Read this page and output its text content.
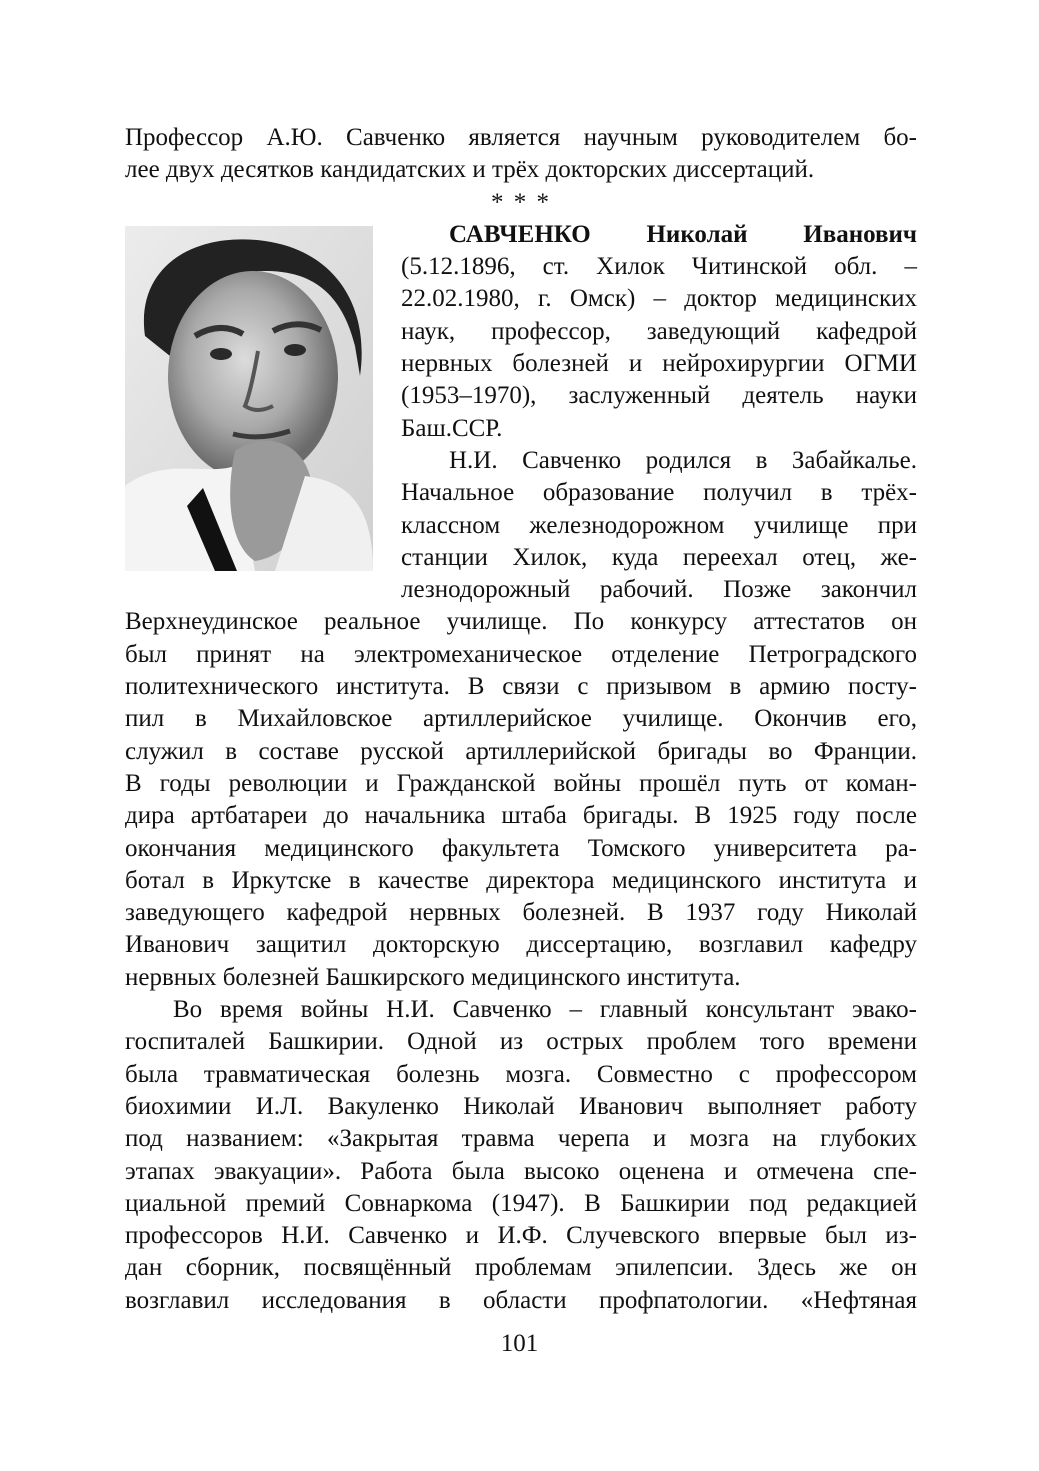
Профессор А.Ю. Савченко является научным руководителем бо-
лее двух десятков кандидатских и трёх докторских диссертаций.
* * *
САВЧЕНКО Николай Иванович
(5.12.1896, ст. Хилок Читинской обл. –
22.02.1980, г. Омск) – доктор медицинских
наук, профессор, заведующий кафедрой
нервных болезней и нейрохирургии ОГМИ
(1953–1970), заслуженный деятель науки
Баш.ССР.
Н.И. Савченко родился в Забайкалье.
Начальное образование получил в трёх-
классном железнодорожном училище при
станции Хилок, куда переехал отец, же-
лезнодорожный рабочий. Позже закончил
Верхнеудинское реальное училище. По конкурсу аттестатов он
был принят на электромеханическое отделение Петроградского
политехнического института. В связи с призывом в армию посту-
пил в Михайловское артиллерийское училище. Окончив его,
служил в составе русской артиллерийской бригады во Франции.
В годы революции и Гражданской войны прошёл путь от коман-
дира артбатареи до начальника штаба бригады. В 1925 году после
окончания медицинского факультета Томского университета ра-
ботал в Иркутске в качестве директора медицинского института и
заведующего кафедрой нервных болезней. В 1937 году Николай
Иванович защитил докторскую диссертацию, возглавил кафедру
нервных болезней Башкирского медицинского института.
Во время войны Н.И. Савченко – главный консультант эвако-
госпиталей Башкирии. Одной из острых проблем того времени
была травматическая болезнь мозга. Совместно с профессором
биохимии И.Л. Вакуленко Николай Иванович выполняет работу
под названием: «Закрытая травма черепа и мозга на глубоких
этапах эвакуации». Работа была высоко оценена и отмечена спе-
циальной премий Совнаркома (1947). В Башкирии под редакцией
профессоров Н.И. Савченко и И.Ф. Случевского впервые был из-
дан сборник, посвящённый проблемам эпилепсии. Здесь же он
возглавил исследования в области профпатологии. «Нефтяная
101
